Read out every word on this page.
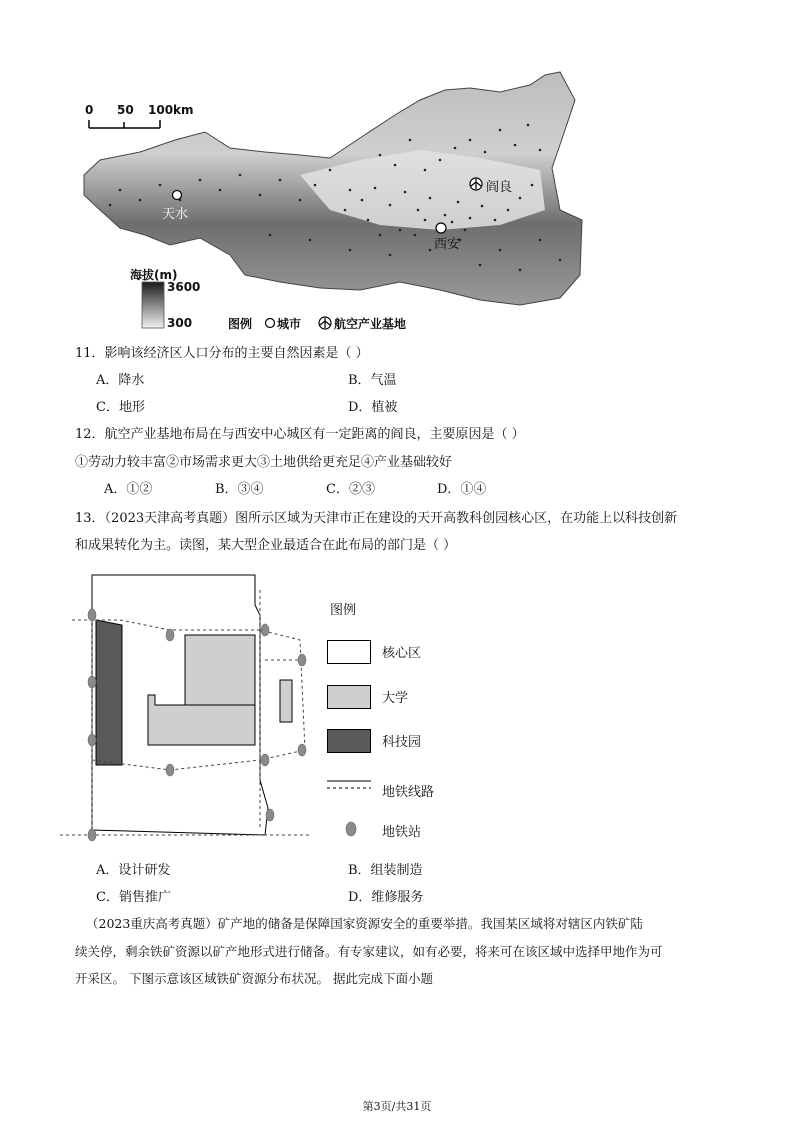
0 50 100km
天水
西安
阎良
海拔(m)
3600
300	图例 城市	航空产业基地
11．影响该经济区人口分布的主要自然因素是（ ）
A．降水	B．气温
C．地形	D．植被
12．航空产业基地布局在与西安中心城区有一定距离的阎良，主要原因是（ ）
①劳动力较丰富②市场需求更大③土地供给更充足④产业基础较好
A．①②	B．③④	C．②③	D．①④
13．（2023天津高考真题）图所示区域为天津市正在建设的天开高教科创园核心区，在功能上以科技创新
和成果转化为主。读图，某大型企业最适合在此布局的部门是（ ）
图例
核心区
大学
科技园
地铁线路
地铁站
A．设计研发	B．组装制造
C．销售推广	D．维修服务
（2023重庆高考真题）矿产地的储备是保障国家资源安全的重要举措。我国某区域将对辖区内铁矿陆
续关停，剩余铁矿资源以矿产地形式进行储备。有专家建议，如有必要，将来可在该区域中选择甲地作为可
开采区。 下图示意该区域铁矿资源分布状况。 据此完成下面小题
第3页/共31页
